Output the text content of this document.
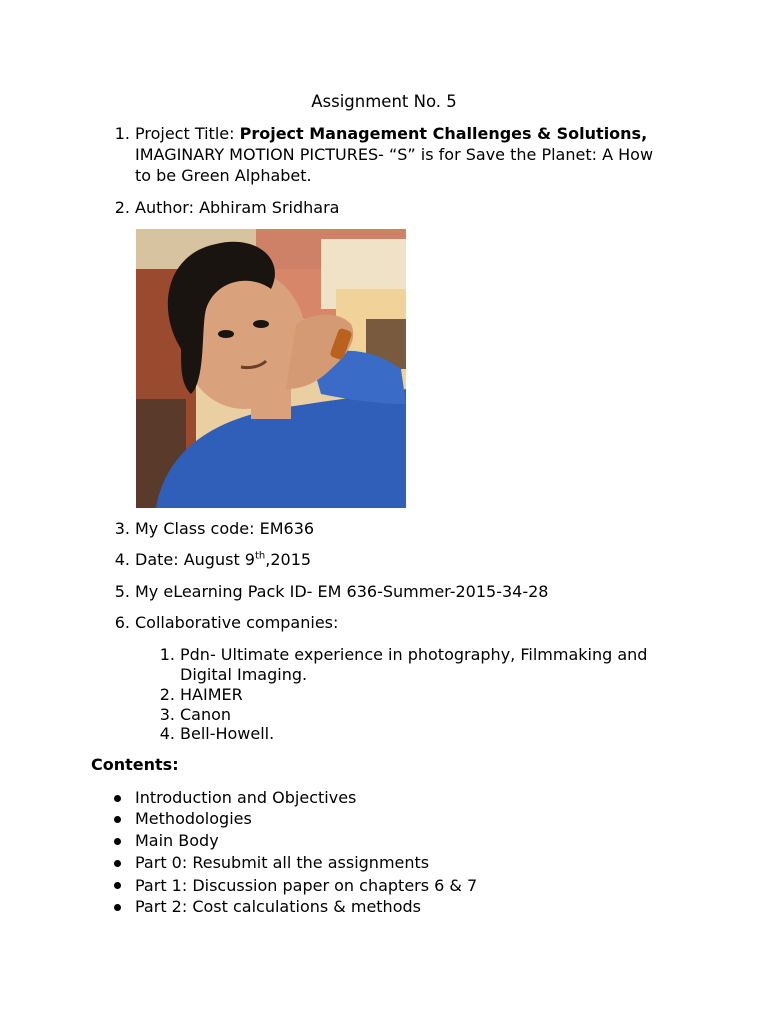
Assignment No. 5
1. Project Title: Project Management Challenges & Solutions,
IMAGINARY MOTION PICTURES- “S” is for Save the Planet: A How
to be Green Alphabet.
2. Author: Abhiram Sridhara
3. My Class code: EM636
4. Date: August 9th,2015
5. My eLearning Pack ID- EM 636-Summer-2015-34-28
6. Collaborative companies:
1. Pdn- Ultimate experience in photography, Filmmaking and
Digital Imaging.
2. HAIMER
3. Canon
4. Bell-Howell.
Contents:
Introduction and Objectives
Methodologies
Main Body
Part 0: Resubmit all the assignments
Part 1: Discussion paper on chapters 6 & 7
Part 2: Cost calculations & methods
